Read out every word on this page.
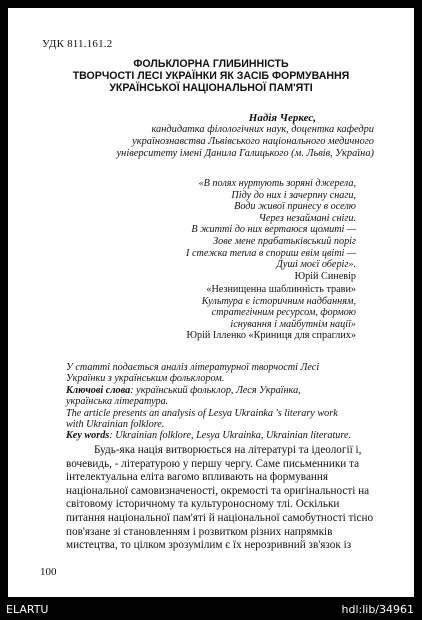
УДК 811.161.2
ФОЛЬКЛОРНА ГЛИБИННІСТЬ
ТВОРЧОСТІ ЛЕСІ УКРАЇНКИ ЯК ЗАСІБ ФОРМУВАННЯ
УКРАЇНСЬКОЇ НАЦІОНАЛЬНОЇ ПАМ'ЯТІ
Надія Черкес,
кандидатка філологічних наук, доцентка кафедри
українознавства Львівського національного медичного
університету імені Данила Галицького (м. Львів, Україна)
«В полях нуртують зоряні джерела,
Піду до них і зачерпну снаги,
Води живої принесу в оселю
Через незаймані сніги.
В житті до них вертаюся щомиті —
Зове мене прабатьківський поріг
І стежка тепла в спориш евім цвіті —
Душі моєї оберіг».
Юрій Синевір
«Незнищенна шаблинність трави»
Культура є історичним надбанням,
стратегічним ресурсом, формою
існування і майбутнім нації»
Юрій Ілленко «Криниця для спраглих»
У статті подається аналіз літературної творчості Лесі
Українки з українським фольклором.
Ключові слова: український фольклор, Леся Українка,
українська література.
The article presents an analysis of Lesya Ukrainka 's literary work
with Ukrainian folklore.
Key words: Ukrainian folklore, Lesya Ukrainka, Ukrainian literature.
Будь-яка нація витворюється на літературі та ідеології і,
вочевидь, - літературою у першу чергу. Саме письменники та
інтелектуальна еліта вагомо впливають на формування
національної самовизначеності, окремості та оригінальності на
світовому історичному та культуроносному тлі. Оскільки
питання національної пам'яті й національної самобутності тісно
пов'язане зі становленням і розвитком різних напрямків
мистецтва, то цілком зрозумілим є їх нерозривний зв'язок із
100
ELARTU	hdl:lib/34961
